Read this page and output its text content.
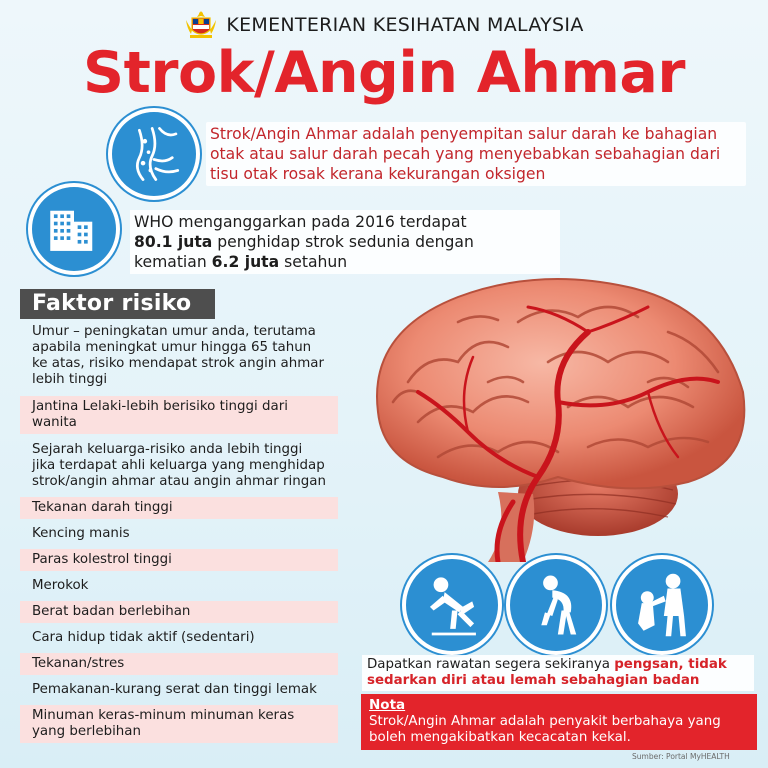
KEMENTERIAN KESIHATAN MALAYSIA
Strok/Angin Ahmar
Strok/Angin Ahmar adalah penyempitan salur darah ke bahagian otak atau salur darah pecah yang menyebabkan sebahagian dari tisu otak rosak kerana kekurangan oksigen
WHO menganggarkan pada 2016 terdapat
80.1 juta penghidap strok sedunia dengan
kematian 6.2 juta setahun
Faktor risiko
Umur – peningkatan umur anda, terutama apabila meningkat umur hingga 65 tahun ke atas, risiko mendapat strok angin ahmar lebih tinggi
Jantina Lelaki-lebih berisiko tinggi dari wanita
Sejarah keluarga-risiko anda lebih tinggi jika terdapat ahli keluarga yang menghidap strok/angin ahmar atau angin ahmar ringan
Tekanan darah tinggi
Kencing manis
Paras kolestrol tinggi
Merokok
Berat badan berlebihan
Cara hidup tidak aktif (sedentari)
Tekanan/stres
Pemakanan-kurang serat dan tinggi lemak
Minuman keras-minum minuman keras yang berlebihan
Dapatkan rawatan segera sekiranya pengsan, tidak sedarkan diri atau lemah sebahagian badan
Nota
Strok/Angin Ahmar adalah penyakit berbahaya yang boleh mengakibatkan kecacatan kekal.
Sumber: Portal MyHEALTH
